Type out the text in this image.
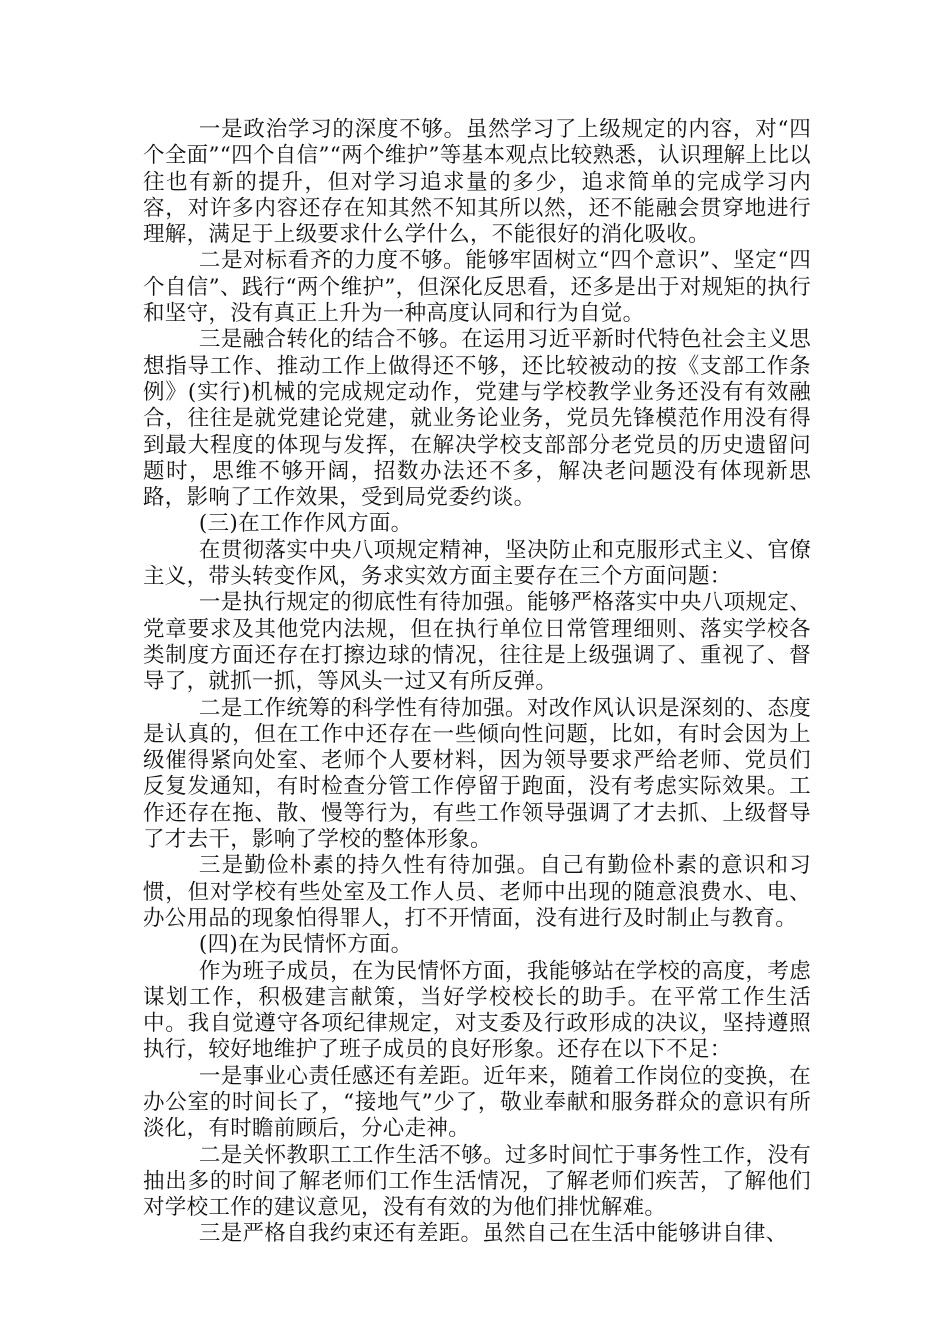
一是政治学习的深度不够。虽然学习了上级规定的内容，对“四个全面”“四个自信”“两个维护”等基本观点比较熟悉，认识理解上比以往也有新的提升，但对学习追求量的多少，追求简单的完成学习内容，对许多内容还存在知其然不知其所以然，还不能融会贯穿地进行理解，满足于上级要求什么学什么，不能很好的消化吸收。

二是对标看齐的力度不够。能够牢固树立“四个意识”、坚定“四个自信”、践行“两个维护”，但深化反思看，还多是出于对规矩的执行和坚守，没有真正上升为一种高度认同和行为自觉。

三是融合转化的结合不够。在运用习近平新时代特色社会主义思想指导工作、推动工作上做得还不够，还比较被动的按《支部工作条例》(实行)机械的完成规定动作，党建与学校教学业务还没有有效融合，往往是就党建论党建，就业务论业务，党员先锋模范作用没有得到最大程度的体现与发挥，在解决学校支部部分老党员的历史遗留问题时，思维不够开阔，招数办法还不多，解决老问题没有体现新思路，影响了工作效果，受到局党委约谈。

(三)在工作作风方面。

在贯彻落实中央八项规定精神，坚决防止和克服形式主义、官僚主义，带头转变作风，务求实效方面主要存在三个方面问题：

一是执行规定的彻底性有待加强。能够严格落实中央八项规定、党章要求及其他党内法规，但在执行单位日常管理细则、落实学校各类制度方面还存在打擦边球的情况，往往是上级强调了、重视了、督导了，就抓一抓，等风头一过又有所反弹。

二是工作统筹的科学性有待加强。对改作风认识是深刻的、态度是认真的，但在工作中还存在一些倾向性问题，比如，有时会因为上级催得紧向处室、老师个人要材料，因为领导要求严给老师、党员们反复发通知，有时检查分管工作停留于跑面，没有考虑实际效果。工作还存在拖、散、慢等行为，有些工作领导强调了才去抓、上级督导了才去干，影响了学校的整体形象。

三是勤俭朴素的持久性有待加强。自己有勤俭朴素的意识和习惯，但对学校有些处室及工作人员、老师中出现的随意浪费水、电、办公用品的现象怕得罪人，打不开情面，没有进行及时制止与教育。

(四)在为民情怀方面。

作为班子成员，在为民情怀方面，我能够站在学校的高度，考虑谋划工作，积极建言献策，当好学校校长的助手。在平常工作生活中。我自觉遵守各项纪律规定，对支委及行政形成的决议，坚持遵照执行，较好地维护了班子成员的良好形象。还存在以下不足：

一是事业心责任感还有差距。近年来，随着工作岗位的变换，在办公室的时间长了，“接地气”少了，敬业奉献和服务群众的意识有所淡化，有时瞻前顾后，分心走神。

二是关怀教职工工作生活不够。过多时间忙于事务性工作，没有抽出多的时间了解老师们工作生活情况，了解老师们疾苦，了解他们对学校工作的建议意见，没有有效的为他们排忧解难。

三是严格自我约束还有差距。虽然自己在生活中能够讲自律、
